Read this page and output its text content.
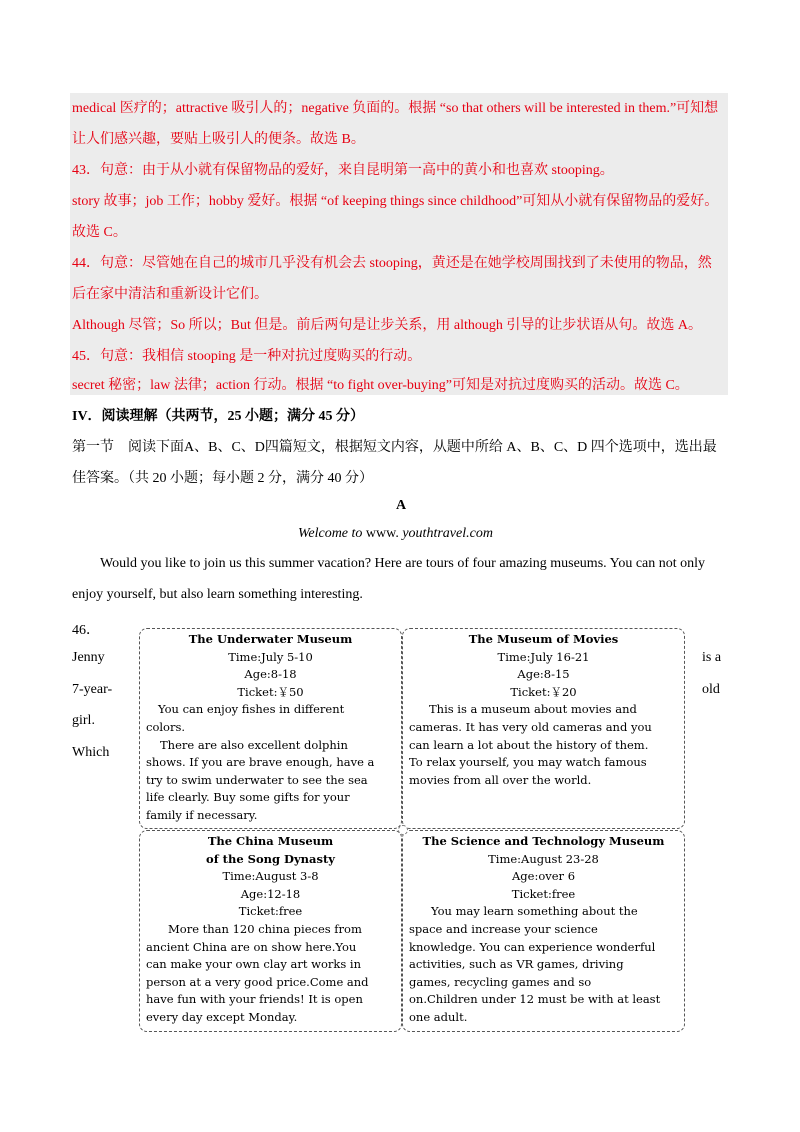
medical 医疗的；attractive 吸引人的；negative 负面的。根据 “so that others will be interested in them.”可知想
让人们感兴趣，要贴上吸引人的便条。故选 B。
43．句意：由于从小就有保留物品的爱好，来自昆明第一高中的黄小和也喜欢 stooping。
story 故事；job 工作；hobby 爱好。根据 “of keeping things since childhood”可知从小就有保留物品的爱好。
故选 C。
44．句意：尽管她在自己的城市几乎没有机会去 stooping，黄还是在她学校周围找到了未使用的物品，然
后在家中清洁和重新设计它们。
Although 尽管；So 所以；But 但是。前后两句是让步关系，用 although 引导的让步状语从句。故选 A。
45．句意：我相信 stooping 是一种对抗过度购买的行动。
secret 秘密；law 法律；action 行动。根据 “to fight over-buying”可知是对抗过度购买的活动。故选 C。
IV．阅读理解（共两节，25 小题；满分 45 分）
第一节　阅读下面A、B、C、D四篇短文，根据短文内容，从题中所给 A、B、C、D 四个选项中，选出最
佳答案。（共 20 小题；每小题 2 分，满分 40 分）
A
Welcome to www. youthtravel.com
Would you like to join us this summer vacation? Here are tours of four amazing museums. You can not only
enjoy yourself, but also learn something interesting.
46．
Jenny
7-year-
girl.
Which
is a
old
The Underwater Museum
Time:July 5-10
Age:8-18
Ticket:￥50

You can enjoy fishes in different

colors.

There are also excellent dolphin

shows. If you are brave enough, have a

try to swim underwater to see the sea

life clearly. Buy some gifts for your

family if necessary.

The Museum of Movies
Time:July 16-21
Age:8-15
Ticket:￥20

This is a museum about movies and

cameras. It has very old cameras and you

can learn a lot about the history of them.

To relax yourself, you may watch famous

movies from all over the world.

The China Museum
of the Song Dynasty
Time:August 3-8
Age:12-18
Ticket:free

More than 120 china pieces from

ancient China are on show here.You

can make your own clay art works in

person at a very good price.Come and

have fun with your friends! It is open

every day except Monday.

The Science and Technology Museum
Time:August 23-28
Age:over 6
Ticket:free

You may learn something about the

space and increase your science

knowledge. You can experience wonderful

activities, such as VR games, driving

games, recycling games and so

on.Children under 12 must be with at least

one adult.
